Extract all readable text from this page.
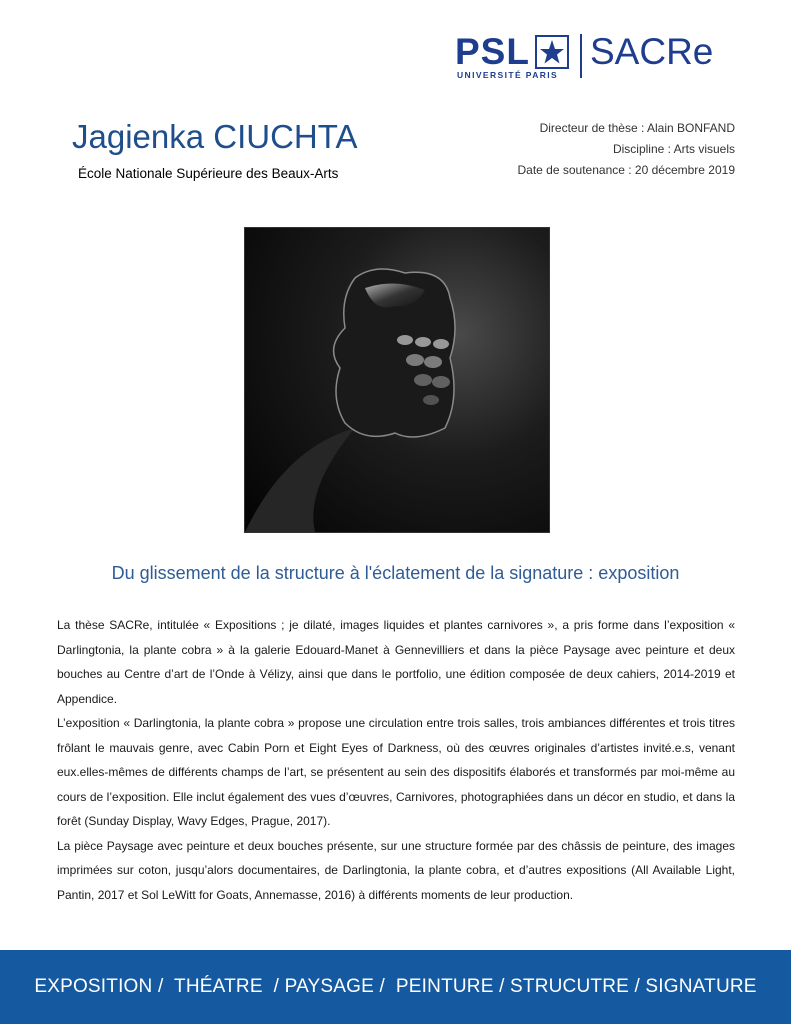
PSL
UNIVERSITÉ PARIS
SACRe
Jagienka CIUCHTA
École Nationale Supérieure des Beaux-Arts
Directeur de thèse : Alain BONFAND
Discipline : Arts visuels
Date de soutenance : 20 décembre 2019
Du glissement de la structure à l'éclatement de la signature : exposition

La thèse SACRe, intitulée « Expositions ; je dilaté, images liquides et plantes carnivores », a pris forme dans l’exposition « Darlingtonia, la plante cobra » à la galerie Edouard-Manet à Gennevilliers et dans la pièce Paysage avec peinture et deux bouches au Centre d’art de l’Onde à Vélizy, ainsi que dans le portfolio, une édition composée de deux cahiers, 2014-2019 et Appendice.

L’exposition « Darlingtonia, la plante cobra » propose une circulation entre trois salles, trois ambiances différentes et trois titres frôlant le mauvais genre, avec Cabin Porn et Eight Eyes of Darkness, où des œuvres originales d’artistes invité.e.s, venant eux.elles-mêmes de différents champs de l’art, se présentent au sein des dispositifs élaborés et transformés par moi-même au cours de l’exposition. Elle inclut également des vues d’œuvres, Carnivores, photographiées dans un décor en studio, et dans la forêt (Sunday Display, Wavy Edges, Prague, 2017).

La pièce Paysage avec peinture et deux bouches présente, sur une structure formée par des châssis de peinture, des images imprimées sur coton, jusqu’alors documentaires, de Darlingtonia, la plante cobra, et d’autres expositions (All Available Light, Pantin, 2017 et Sol LeWitt for Goats, Annemasse, 2016) à différents moments de leur production.

EXPOSITION /  THÉATRE  / PAYSAGE /  PEINTURE / STRUCUTRE / SIGNATURE
